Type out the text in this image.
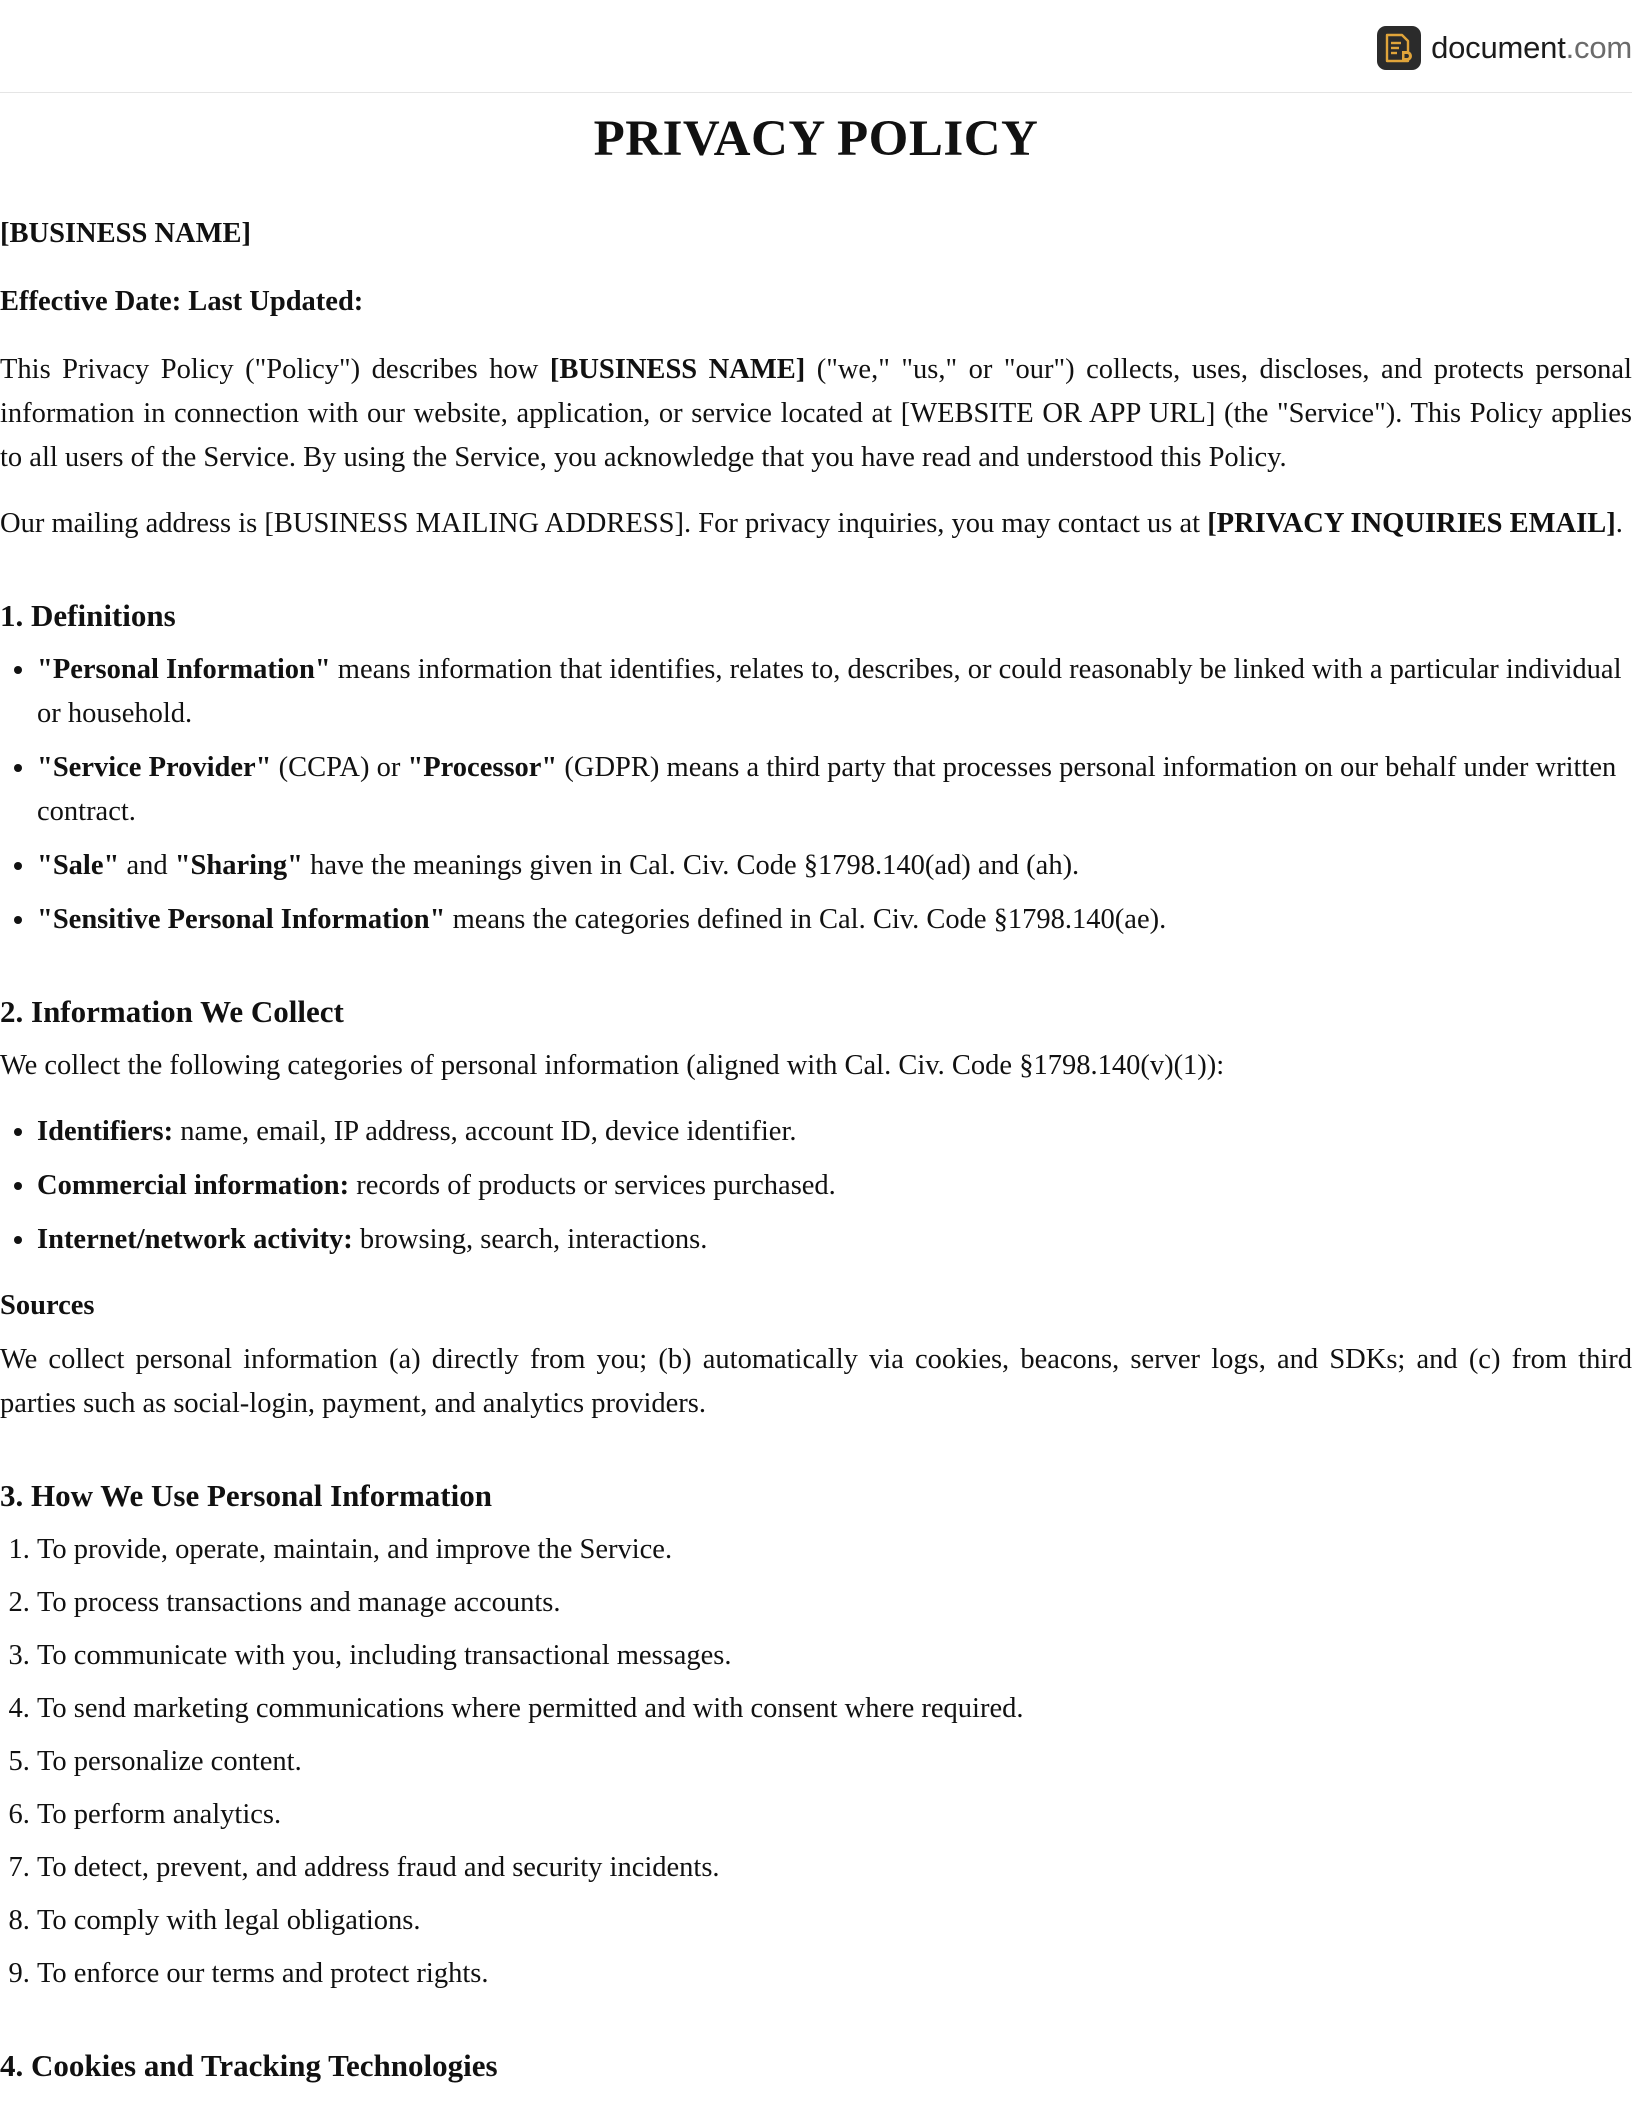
document.com
PRIVACY POLICY

[BUSINESS NAME]

Effective Date: Last Updated:

This Privacy Policy ("Policy") describes how [BUSINESS NAME] ("we," "us," or "our") collects, uses, discloses, and protects personal information in connection with our website, application, or service located at [WEBSITE OR APP URL] (the "Service"). This Policy applies to all users of the Service. By using the Service, you acknowledge that you have read and understood this Policy.

Our mailing address is [BUSINESS MAILING ADDRESS]. For privacy inquiries, you may contact us at [PRIVACY INQUIRIES EMAIL].

1. Definitions
• "Personal Information" means information that identifies, relates to, describes, or could reasonably be linked with a particular individual or household.
• "Service Provider" (CCPA) or "Processor" (GDPR) means a third party that processes personal information on our behalf under written contract.
• "Sale" and "Sharing" have the meanings given in Cal. Civ. Code §1798.140(ad) and (ah).
• "Sensitive Personal Information" means the categories defined in Cal. Civ. Code §1798.140(ae).
2. Information We Collect

We collect the following categories of personal information (aligned with Cal. Civ. Code §1798.140(v)(1)):

• Identifiers: name, email, IP address, account ID, device identifier.
• Commercial information: records of products or services purchased.
• Internet/network activity: browsing, search, interactions.

Sources

We collect personal information (a) directly from you; (b) automatically via cookies, beacons, server logs, and SDKs; and (c) from third parties such as social-login, payment, and analytics providers.

3. How We Use Personal Information
1. To provide, operate, maintain, and improve the Service.
2. To process transactions and manage accounts.
3. To communicate with you, including transactional messages.
4. To send marketing communications where permitted and with consent where required.
5. To personalize content.
6. To perform analytics.
7. To detect, prevent, and address fraud and security incidents.
8. To comply with legal obligations.
9. To enforce our terms and protect rights.
4. Cookies and Tracking Technologies
